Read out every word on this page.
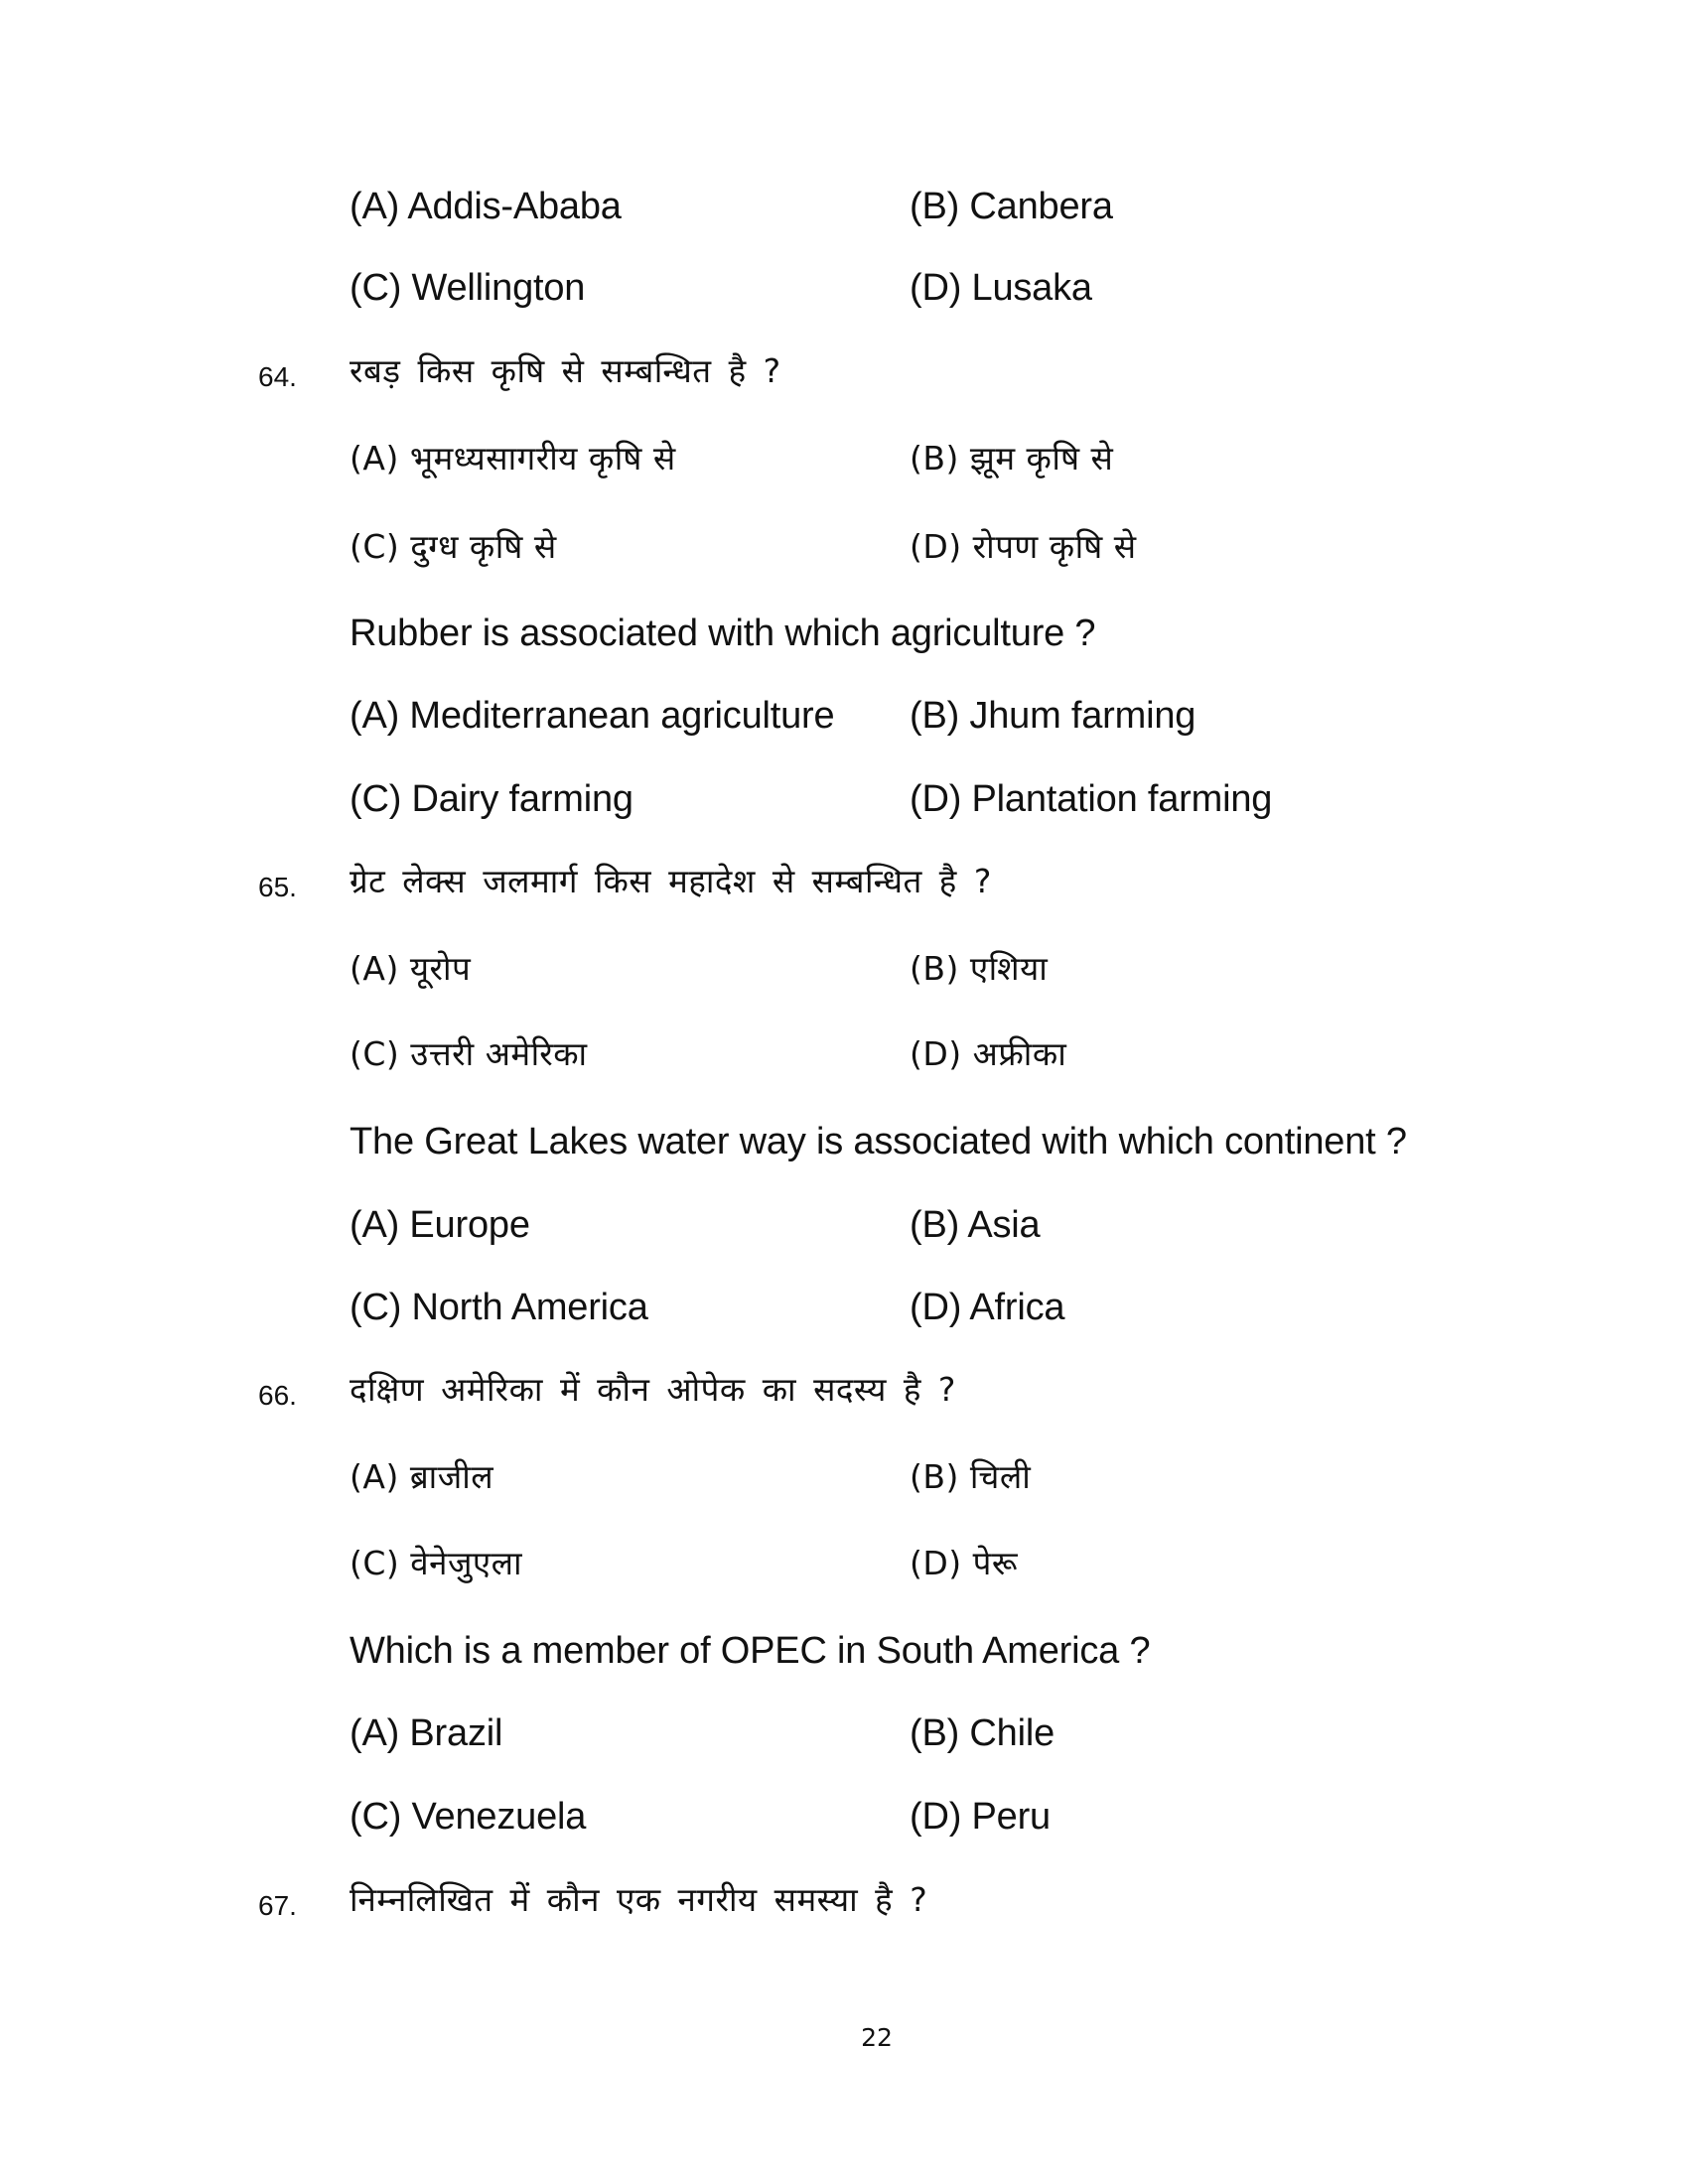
(A) Addis-Ababa	(B) Canbera
(C) Wellington	(D) Lusaka
64. रबड़ किस कृषि से सम्बन्धित है ?
(A) भूमध्यसागरीय कृषि से	(B) झूम कृषि से
(C) दुग्ध कृषि से	(D) रोपण कृषि से
Rubber is associated with which agriculture ?
(A) Mediterranean agriculture (B) Jhum farming
(C) Dairy farming	(D) Plantation farming
65. ग्रेट लेक्स जलमार्ग किस महादेश से सम्बन्धित है ?
(A) यूरोप	(B) एशिया
(C) उत्तरी अमेरिका	(D) अफ्रीका
The Great Lakes water way is associated with which continent ?
(A) Europe	(B) Asia
(C) North America	(D) Africa
66. दक्षिण अमेरिका में कौन ओपेक का सदस्य है ?
(A) ब्राजील	(B) चिली
(C) वेनेजुएला	(D) पेरू
Which is a member of OPEC in South America ?
(A) Brazil	(B) Chile
(C) Venezuela	(D) Peru
67. निम्नलिखित में कौन एक नगरीय समस्या है ?
22
